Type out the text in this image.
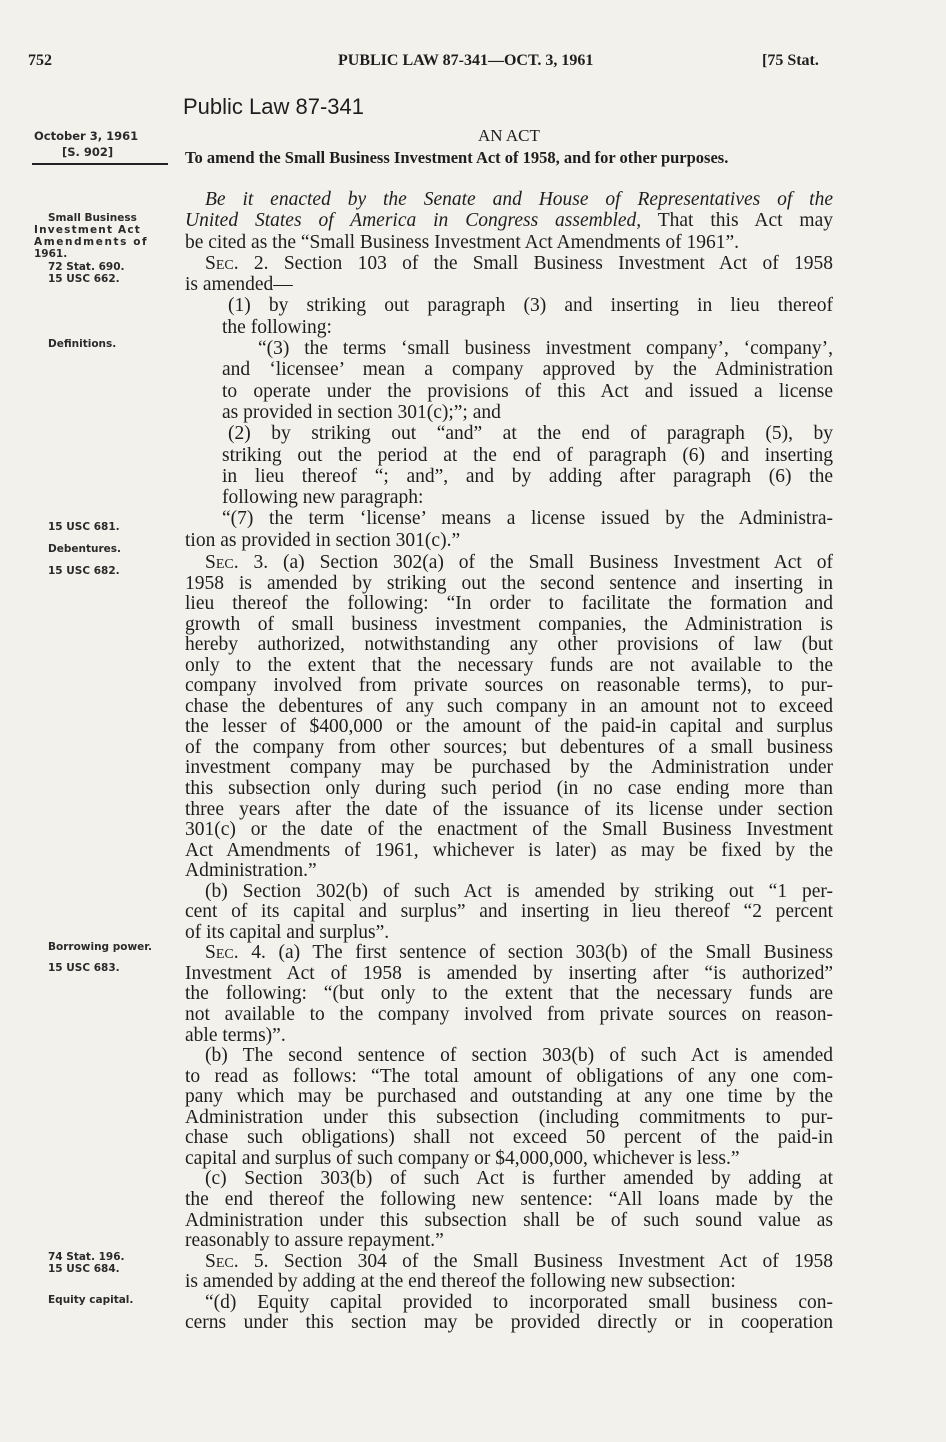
752	PUBLIC LAW 87-341—OCT. 3, 1961	[75 Stat.
Public Law 87-341
AN ACT
To amend the Small Business Investment Act of 1958, and for other purposes.
October 3, 1961
[S. 902]
Small Business
Investment Act
Amendments of
1961.
72 Stat. 690.
15 USC 662.
Definitions.
15 USC 681.
Debentures.
15 USC 682.
Borrowing power.
15 USC 683.
74 Stat. 196.
15 USC 684.
Equity capital.
Be it enacted by the Senate and House of Representatives of the
United States of America in Congress assembled, That this Act may
be cited as the “Small Business Investment Act Amendments of 1961”.
Sec. 2. Section 103 of the Small Business Investment Act of 1958
is amended—
(1) by striking out paragraph (3) and inserting in lieu thereof
the following:
“(3) the terms ‘small business investment company’, ‘company’,
and ‘licensee’ mean a company approved by the Administration
to operate under the provisions of this Act and issued a license
as provided in section 301(c);”; and
(2) by striking out “and” at the end of paragraph (5), by
striking out the period at the end of paragraph (6) and inserting
in lieu thereof “; and”, and by adding after paragraph (6) the
following new paragraph:
“(7) the term ‘license’ means a license issued by the Administra-
tion as provided in section 301(c).”
Sec. 3. (a) Section 302(a) of the Small Business Investment Act of
1958 is amended by striking out the second sentence and inserting in
lieu thereof the following: “In order to facilitate the formation and
growth of small business investment companies, the Administration is
hereby authorized, notwithstanding any other provisions of law (but
only to the extent that the necessary funds are not available to the
company involved from private sources on reasonable terms), to pur-
chase the debentures of any such company in an amount not to exceed
the lesser of $400,000 or the amount of the paid-in capital and surplus
of the company from other sources; but debentures of a small business
investment company may be purchased by the Administration under
this subsection only during such period (in no case ending more than
three years after the date of the issuance of its license under section
301(c) or the date of the enactment of the Small Business Investment
Act Amendments of 1961, whichever is later) as may be fixed by the
Administration.”
(b) Section 302(b) of such Act is amended by striking out “1 per-
cent of its capital and surplus” and inserting in lieu thereof “2 percent
of its capital and surplus”.
Sec. 4. (a) The first sentence of section 303(b) of the Small Business
Investment Act of 1958 is amended by inserting after “is authorized”
the following: “(but only to the extent that the necessary funds are
not available to the company involved from private sources on reason-
able terms)”.
(b) The second sentence of section 303(b) of such Act is amended
to read as follows: “The total amount of obligations of any one com-
pany which may be purchased and outstanding at any one time by the
Administration under this subsection (including commitments to pur-
chase such obligations) shall not exceed 50 percent of the paid-in
capital and surplus of such company or $4,000,000, whichever is less.”
(c) Section 303(b) of such Act is further amended by adding at
the end thereof the following new sentence: “All loans made by the
Administration under this subsection shall be of such sound value as
reasonably to assure repayment.”
Sec. 5. Section 304 of the Small Business Investment Act of 1958
is amended by adding at the end thereof the following new subsection:
“(d) Equity capital provided to incorporated small business con-
cerns under this section may be provided directly or in cooperation
